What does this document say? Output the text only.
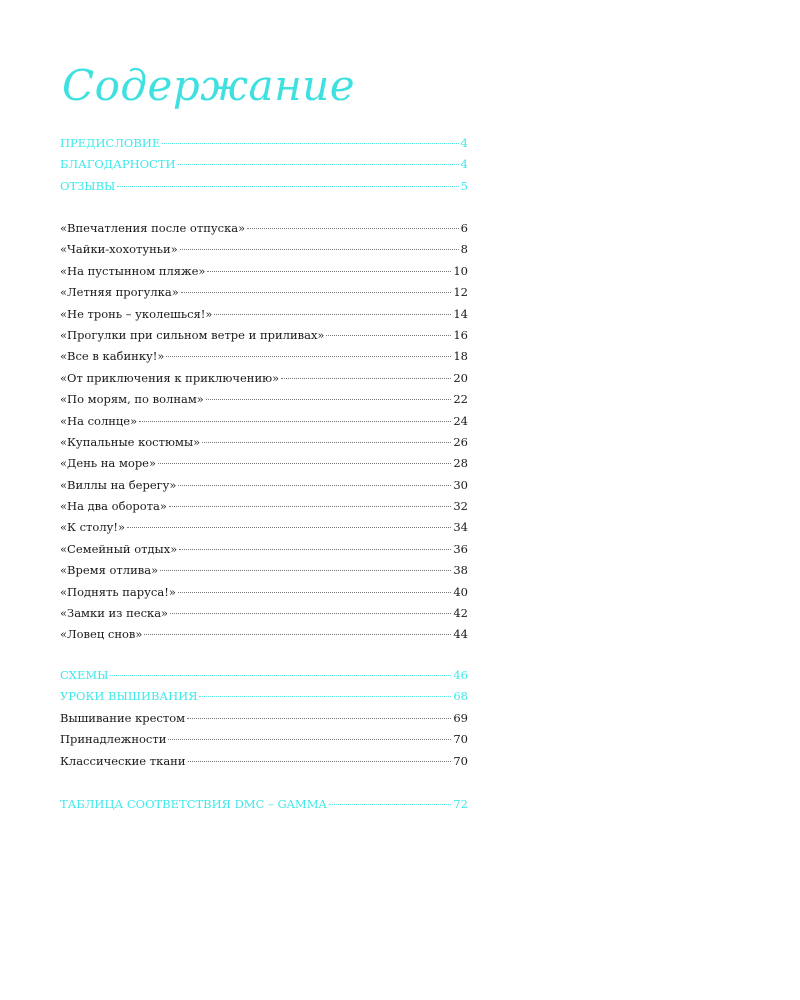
Содержание
ПРЕДИСЛОВИЕ	4
БЛАГОДАРНОСТИ	4
ОТЗЫВЫ	5
«Впечатления после отпуска»	6
«Чайки-хохотуньи»	8
«На пустынном пляже»	10
«Летняя прогулка»	12
«Не тронь – уколешься!»	14
«Прогулки при сильном ветре и приливах»	16
«Все в кабинку!»	18
«От приключения к приключению»	20
«По морям, по волнам»	22
«На солнце»	24
«Купальные костюмы»	26
«День на море»	28
«Виллы на берегу»	30
«На два оборота»	32
«К столу!»	34
«Семейный отдых»	36
«Время отлива»	38
«Поднять паруса!»	40
«Замки из песка»	42
«Ловец снов»	44
СХЕМЫ	46
УРОКИ ВЫШИВАНИЯ	68
Вышивание крестом	69
Принадлежности	70
Классические ткани	70
ТАБЛИЦА СООТВЕТСТВИЯ DMC – GAMMA	72
